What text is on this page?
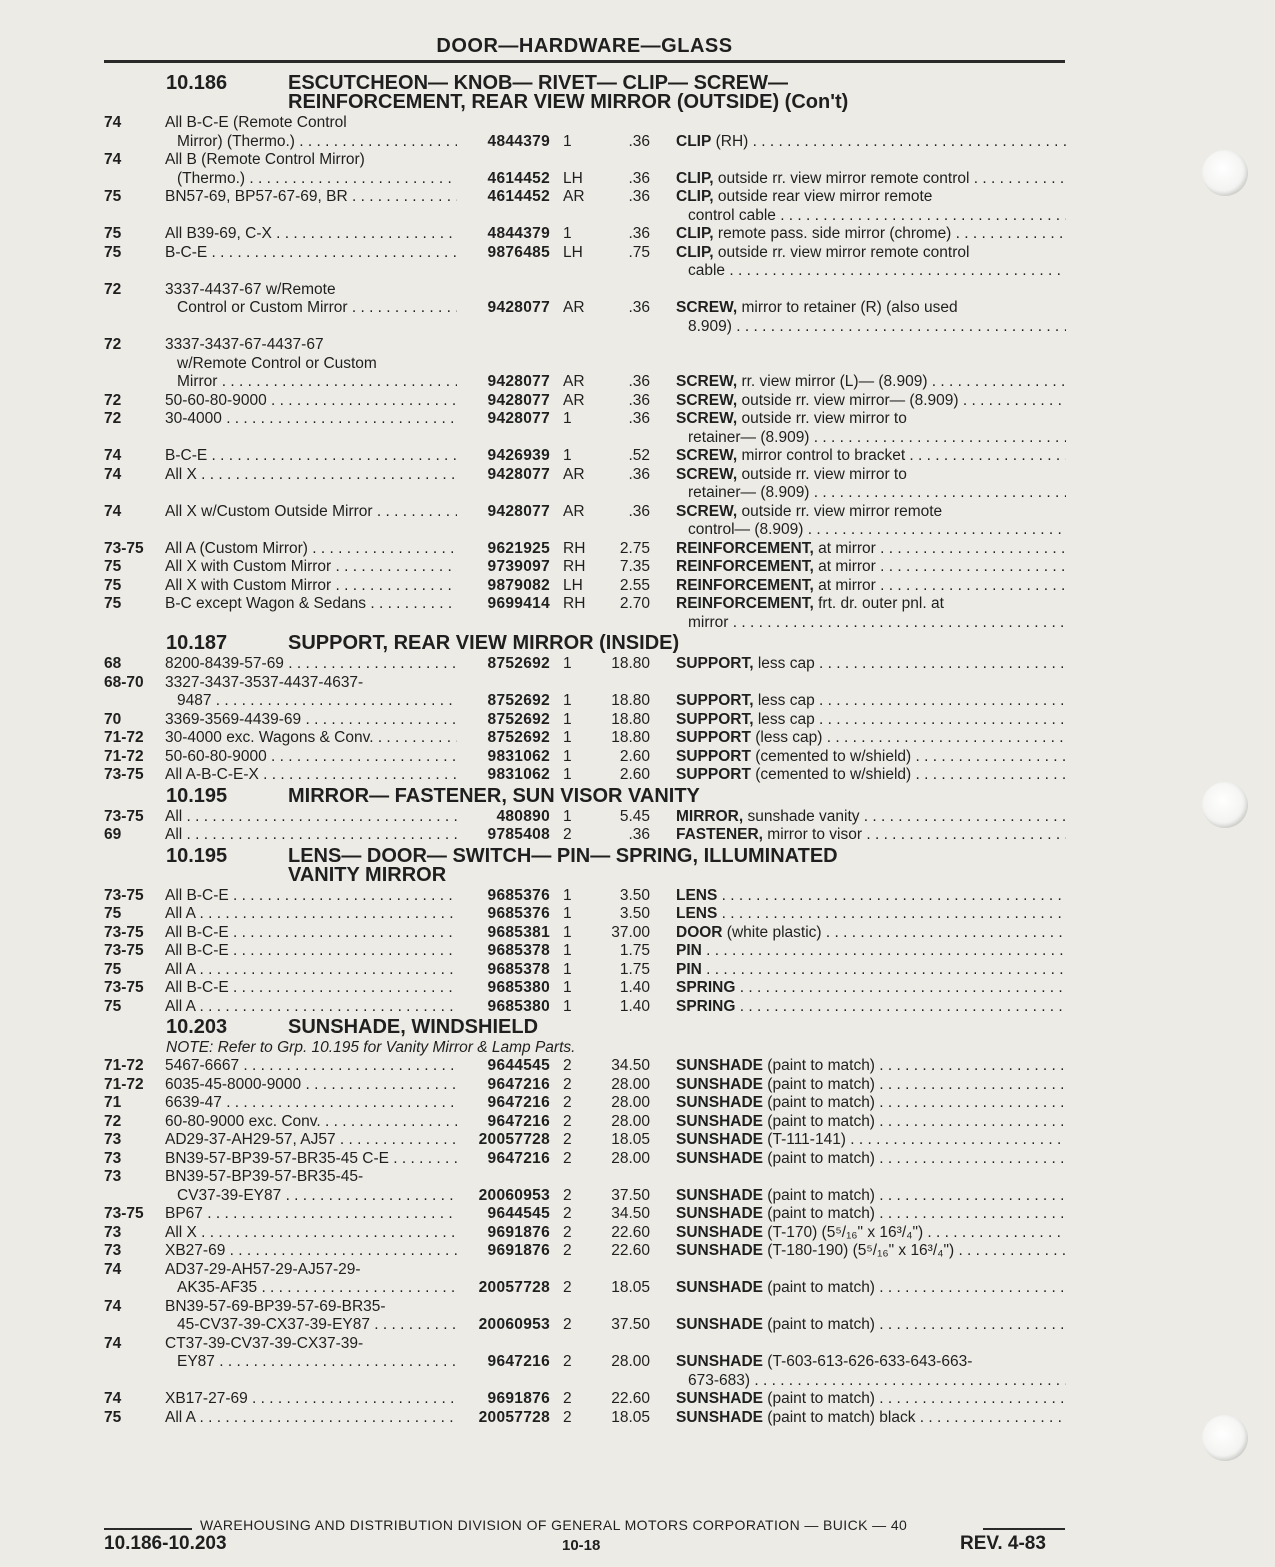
DOOR—HARDWARE—GLASS
10.186	ESCUTCHEON— KNOB— RIVET— CLIP— SCREW—
REINFORCEMENT, REAR VIEW MIRROR (OUTSIDE) (Con't)
74	All B-C-E (Remote Control
Mirror) (Thermo.) . . .	4844379 1	.36 CLIP (RH) . . .
74	All B (Remote Control Mirror)
(Thermo.) . . .	4614452 LH	.36 CLIP, outside rr. view mirror remote control . . .
75	BN57-69, BP57-67-69, BR . . .	4614452 AR	.36 CLIP, outside rear view mirror remote
control cable . . .
75	All B39-69, C-X . . .	4844379 1	.36 CLIP, remote pass. side mirror (chrome) . . .
75	B-C-E . . .	9876485 LH	.75 CLIP, outside rr. view mirror remote control
cable . . .
72	3337-4437-67 w/Remote
Control or Custom Mirror . . .	9428077 AR	.36 SCREW, mirror to retainer (R) (also used
8.909) . . .
72	3337-3437-67-4437-67
w/Remote Control or Custom
Mirror . . .	9428077 AR	.36 SCREW, rr. view mirror (L)— (8.909) . . .
72	50-60-80-9000 . . .	9428077 AR	.36 SCREW, outside rr. view mirror— (8.909) . . .
72	30-4000 . . .	9428077 1	.36 SCREW, outside rr. view mirror to
retainer— (8.909) . . .
74	B-C-E . . .	9426939 1	.52 SCREW, mirror control to bracket . . .
74	All X . . .	9428077 AR	.36 SCREW, outside rr. view mirror to
retainer— (8.909) . . .
74	All X w/Custom Outside Mirror . . .	9428077 AR	.36 SCREW, outside rr. view mirror remote
control— (8.909) . . .
73-75	All A (Custom Mirror) . . .	9621925 RH	2.75 REINFORCEMENT, at mirror . . .
75	All X with Custom Mirror . . .	9739097 RH	7.35 REINFORCEMENT, at mirror . . .
75	All X with Custom Mirror . . .	9879082 LH	2.55 REINFORCEMENT, at mirror . . .
75	B-C except Wagon & Sedans . . .	9699414 RH	2.70 REINFORCEMENT, frt. dr. outer pnl. at
mirror . . .
10.187	SUPPORT, REAR VIEW MIRROR (INSIDE)
68	8200-8439-57-69 . . .	8752692 1	18.80 SUPPORT, less cap . . .
68-70	3327-3437-3537-4437-4637-
9487 . . .	8752692 1	18.80 SUPPORT, less cap . . .
70	3369-3569-4439-69 . . .	8752692 1	18.80 SUPPORT, less cap . . .
71-72	30-4000 exc. Wagons & Conv. . . .	8752692 1	18.80 SUPPORT (less cap) . . .
71-72	50-60-80-9000 . . .	9831062 1	2.60 SUPPORT (cemented to w/shield) . . .
73-75	All A-B-C-E-X . . .	9831062 1	2.60 SUPPORT (cemented to w/shield) . . .
10.195	MIRROR— FASTENER, SUN VISOR VANITY
73-75	All . . .	480890 1	5.45 MIRROR, sunshade vanity . . .
69	All . . .	9785408 2	.36 FASTENER, mirror to visor . . .
10.195	LENS— DOOR— SWITCH— PIN— SPRING, ILLUMINATED
VANITY MIRROR
73-75	All B-C-E . . .	9685376 1	3.50 LENS . . .
75	All A . . .	9685376 1	3.50 LENS . . .
73-75	All B-C-E . . .	9685381 1	37.00 DOOR (white plastic) . . .
73-75	All B-C-E . . .	9685378 1	1.75 PIN . . .
75	All A . . .	9685378 1	1.75 PIN . . .
73-75	All B-C-E . . .	9685380 1	1.40 SPRING . . .
75	All A . . .	9685380 1	1.40 SPRING . . .
10.203	SUNSHADE, WINDSHIELD
NOTE: Refer to Grp. 10.195 for Vanity Mirror & Lamp Parts.
71-72	5467-6667 . . .	9644545 2	34.50 SUNSHADE (paint to match) . . .
71-72	6035-45-8000-9000 . . .	9647216 2	28.00 SUNSHADE (paint to match) . . .
71	6639-47 . . .	9647216 2	28.00 SUNSHADE (paint to match) . . .
72	60-80-9000 exc. Conv. . . .	9647216 2	28.00 SUNSHADE (paint to match) . . .
73	AD29-37-AH29-57, AJ57 . . .	20057728 2	18.05 SUNSHADE (T-111-141) . . .
73	BN39-57-BP39-57-BR35-45 C-E . . .	9647216 2	28.00 SUNSHADE (paint to match) . . .
73	BN39-57-BP39-57-BR35-45-
CV37-39-EY87 . . .	20060953 2	37.50 SUNSHADE (paint to match) . . .
73-75	BP67 . . .	9644545 2	34.50 SUNSHADE (paint to match) . . .
73	All X . . .	9691876 2	22.60 SUNSHADE (T-170) (5⁵/₁₆" x 16³/₄") . . .
73	XB27-69 . . .	9691876 2	22.60 SUNSHADE (T-180-190) (5⁵/₁₆" x 16³/₄") . . .
74	AD37-29-AH57-29-AJ57-29-
AK35-AF35 . . .	20057728 2	18.05 SUNSHADE (paint to match) . . .
74	BN39-57-69-BP39-57-69-BR35-
45-CV37-39-CX37-39-EY87 . . .	20060953 2	37.50 SUNSHADE (paint to match) . . .
74	CT37-39-CV37-39-CX37-39-
EY87 . . .	9647216 2	28.00 SUNSHADE (T-603-613-626-633-643-663-
673-683) . . .
74	XB17-27-69 . . .	9691876 2	22.60 SUNSHADE (paint to match) . . .
75	All A . . .	20057728 2	18.05 SUNSHADE (paint to match) black . . .
WAREHOUSING AND DISTRIBUTION DIVISION OF GENERAL MOTORS CORPORATION — BUICK — 40
10.186-10.203	10-18	REV. 4-83
